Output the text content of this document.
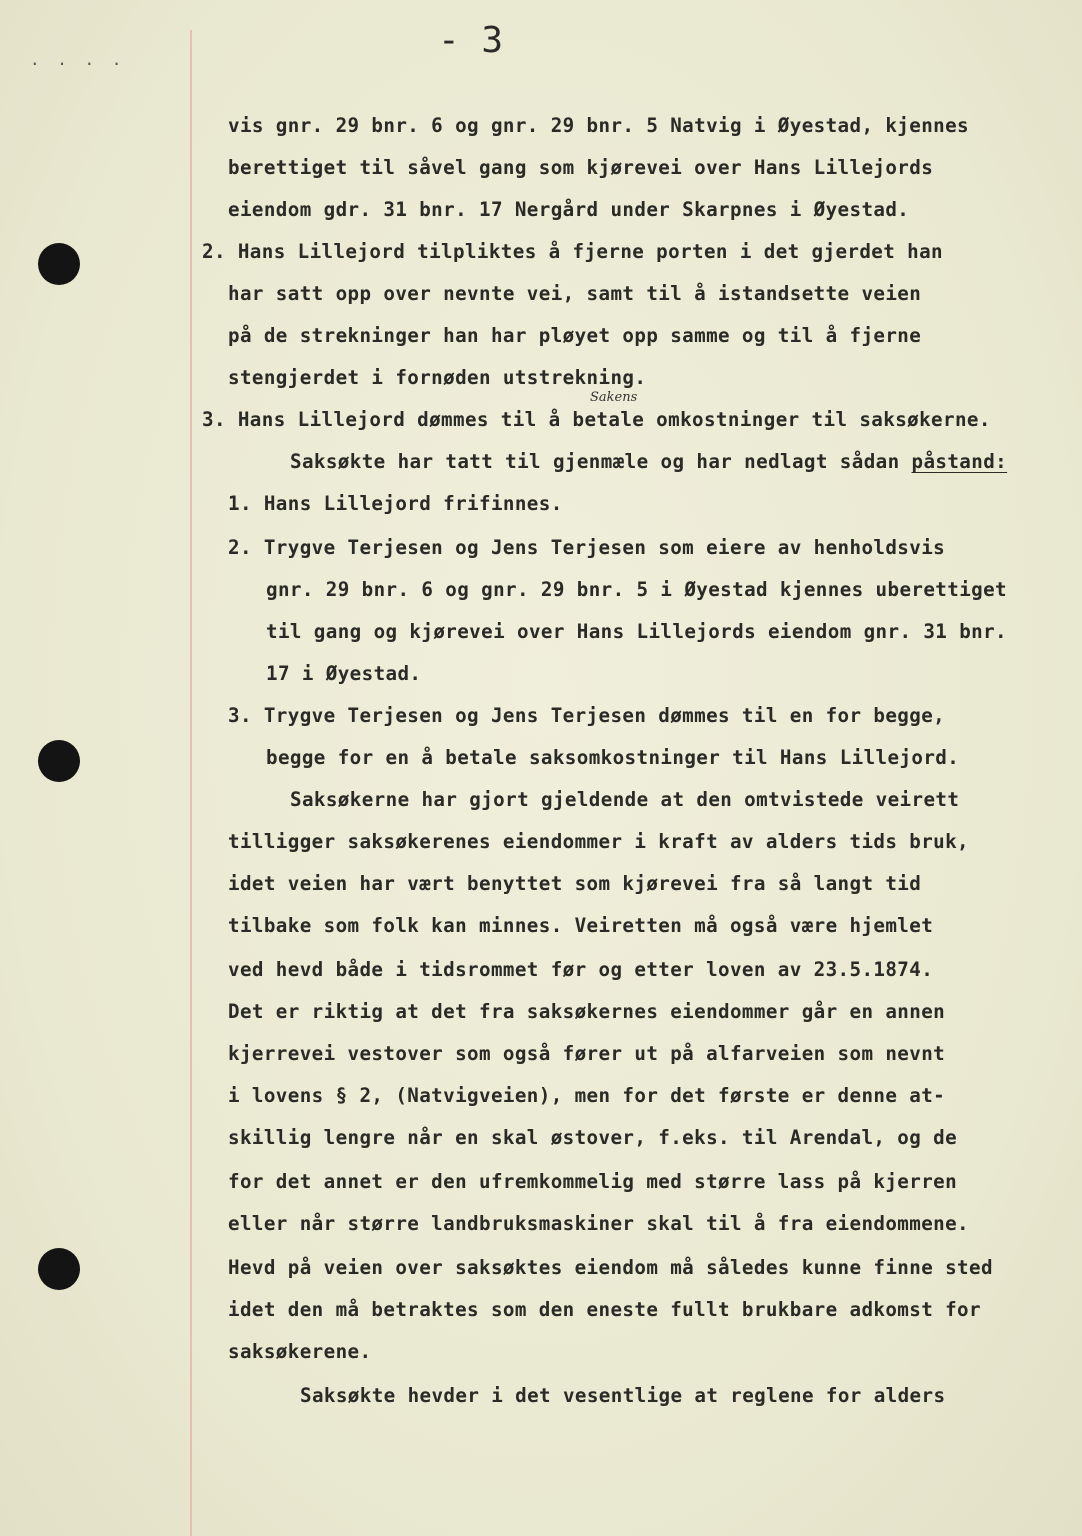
. . . .	- 3
Sakens
vis gnr. 29 bnr. 6 og gnr. 29 bnr. 5 Natvig i Øyestad, kjennes
berettiget til såvel gang som kjørevei over Hans Lillejords
eiendom gdr. 31 bnr. 17 Nergård under Skarpnes i Øyestad.
2. Hans Lillejord tilpliktes å fjerne porten i det gjerdet han
har satt opp over nevnte vei, samt til å istandsette veien
på de strekninger han har pløyet opp samme og til å fjerne
stengjerdet i fornøden utstrekning.
3. Hans Lillejord dømmes til å betale omkostninger til saksøkerne.
Saksøkte har tatt til gjenmæle og har nedlagt sådan påstand:
1. Hans Lillejord frifinnes.
2. Trygve Terjesen og Jens Terjesen som eiere av henholdsvis
gnr. 29 bnr. 6 og gnr. 29 bnr. 5 i Øyestad kjennes uberettiget
til gang og kjørevei over Hans Lillejords eiendom gnr. 31 bnr.
17 i Øyestad.
3. Trygve Terjesen og Jens Terjesen dømmes til en for begge,
begge for en å betale saksomkostninger til Hans Lillejord.
Saksøkerne har gjort gjeldende at den omtvistede veirett
tilligger saksøkerenes eiendommer i kraft av alders tids bruk,
idet veien har vært benyttet som kjørevei fra så langt tid
tilbake som folk kan minnes. Veiretten må også være hjemlet
ved hevd både i tidsrommet før og etter loven av 23.5.1874.
Det er riktig at det fra saksøkernes eiendommer går en annen
kjerrevei vestover som også fører ut på alfarveien som nevnt
i lovens § 2, (Natvigveien), men for det første er denne at-
skillig lengre når en skal østover, f.eks. til Arendal, og de
for det annet er den ufremkommelig med større lass på kjerren
eller når større landbruksmaskiner skal til å fra eiendommene.
Hevd på veien over saksøktes eiendom må således kunne finne sted
idet den må betraktes som den eneste fullt brukbare adkomst for
saksøkerene.
Saksøkte hevder i det vesentlige at reglene for alders
